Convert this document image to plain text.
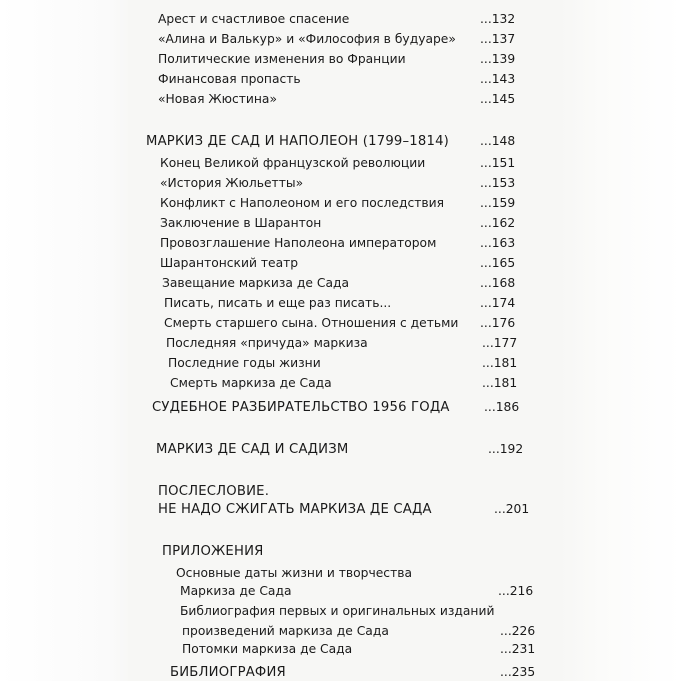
Арест и счастливое спасение	...132
«Алина и Валькур» и «Философия в будуаре» ...137
Политические изменения во Франции	...139
Финансовая пропасть	...143
«Новая Жюстина»	...145
МАРКИЗ ДЕ САД И НАПОЛЕОН (1799–1814)	...148
Конец Великой французской революции	...151
«История Жюльетты»	...153
Конфликт с Наполеоном и его последствия	...159
Заключение в Шарантон	...162
Провозглашение Наполеона императором	...163
Шарантонский театр	...165
Завещание маркиза де Сада	...168
Писать, писать и еще раз писать...	...174
Смерть старшего сына. Отношения с детьми ...176
Последняя «причуда» маркиза	...177
Последние годы жизни	...181
Смерть маркиза де Сада	...181
СУДЕБНОЕ РАЗБИРАТЕЛЬСТВО 1956 ГОДА	...186
МАРКИЗ ДЕ САД И САДИЗМ	...192
ПОСЛЕСЛОВИЕ.
НЕ НАДО СЖИГАТЬ МАРКИЗА ДЕ САДА	...201
ПРИЛОЖЕНИЯ
Основные даты жизни и творчества
Маркиза де Сада	...216
Библиография первых и оригинальных изданий
произведений маркиза де Сада	...226
Потомки маркиза де Сада	...231
БИБЛИОГРАФИЯ	...235
